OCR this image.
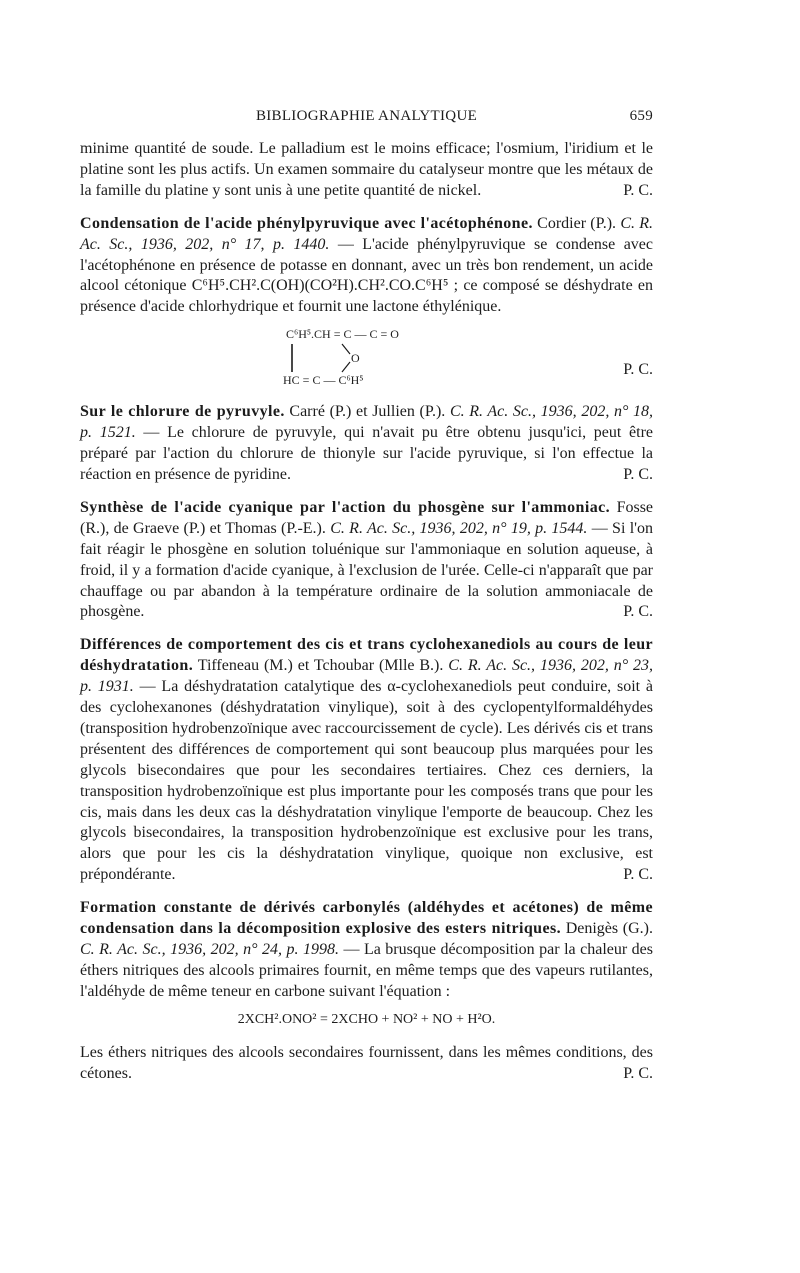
BIBLIOGRAPHIE ANALYTIQUE	659

minime quantité de soude. Le palladium est le moins efficace; l'osmium, l'iridium et le platine sont les plus actifs. Un examen sommaire du catalyseur montre que les métaux de la famille du platine y sont unis à une petite quantité de nickel.	P. C.

Condensation de l'acide phénylpyruvique avec l'acétophénone. Cordier (P.). C. R. Ac. Sc., 1936, 202, n° 17, p. 1440. — L'acide phénylpyruvique se condense avec l'acétophénone en présence de potasse en donnant, avec un très bon rendement, un acide alcool cétonique C⁶H⁵.CH².C(OH)(CO²H).CH².CO.C⁶H⁵ ; ce composé se déshydrate en présence d'acide chlorhydrique et fournit une lactone éthylénique.

C⁶H⁵.CH = C — C = O
O
HC = C — C⁶H⁵
P. C.

Sur le chlorure de pyruvyle. Carré (P.) et Jullien (P.). C. R. Ac. Sc., 1936, 202, n° 18, p. 1521. — Le chlorure de pyruvyle, qui n'avait pu être obtenu jusqu'ici, peut être préparé par l'action du chlorure de thionyle sur l'acide pyruvique, si l'on effectue la réaction en présence de pyridine.	P. C.

Synthèse de l'acide cyanique par l'action du phosgène sur l'ammoniac. Fosse (R.), de Graeve (P.) et Thomas (P.-E.). C. R. Ac. Sc., 1936, 202, n° 19, p. 1544. — Si l'on fait réagir le phosgène en solution toluénique sur l'ammoniaque en solution aqueuse, à froid, il y a formation d'acide cyanique, à l'exclusion de l'urée. Celle-ci n'apparaît que par chauffage ou par abandon à la température ordinaire de la solution ammoniacale de phosgène.	P. C.

Différences de comportement des cis et trans cyclohexanediols au cours de leur déshydratation. Tiffeneau (M.) et Tchoubar (Mlle B.). C. R. Ac. Sc., 1936, 202, n° 23, p. 1931. — La déshydratation catalytique des α-cyclohexanediols peut conduire, soit à des cyclohexanones (déshydratation vinylique), soit à des cyclopentylformaldéhydes (transposition hydrobenzoïnique avec raccourcissement de cycle). Les dérivés cis et trans présentent des différences de comportement qui sont beaucoup plus marquées pour les glycols bisecondaires que pour les secondaires tertiaires. Chez ces derniers, la transposition hydrobenzoïnique est plus importante pour les composés trans que pour les cis, mais dans les deux cas la déshydratation vinylique l'emporte de beaucoup. Chez les glycols bisecondaires, la transposition hydrobenzoïnique est exclusive pour les trans, alors que pour les cis la déshydratation vinylique, quoique non exclusive, est prépondérante.	P. C.

Formation constante de dérivés carbonylés (aldéhydes et acétones) de même condensation dans la décomposition explosive des esters nitriques. Denigès (G.). C. R. Ac. Sc., 1936, 202, n° 24, p. 1998. — La brusque décomposition par la chaleur des éthers nitriques des alcools primaires fournit, en même temps que des vapeurs rutilantes, l'aldéhyde de même teneur en carbone suivant l'équation :

2XCH².ONO² = 2XCHO + NO² + NO + H²O.

Les éthers nitriques des alcools secondaires fournissent, dans les mêmes conditions, des cétones.	P. C.
